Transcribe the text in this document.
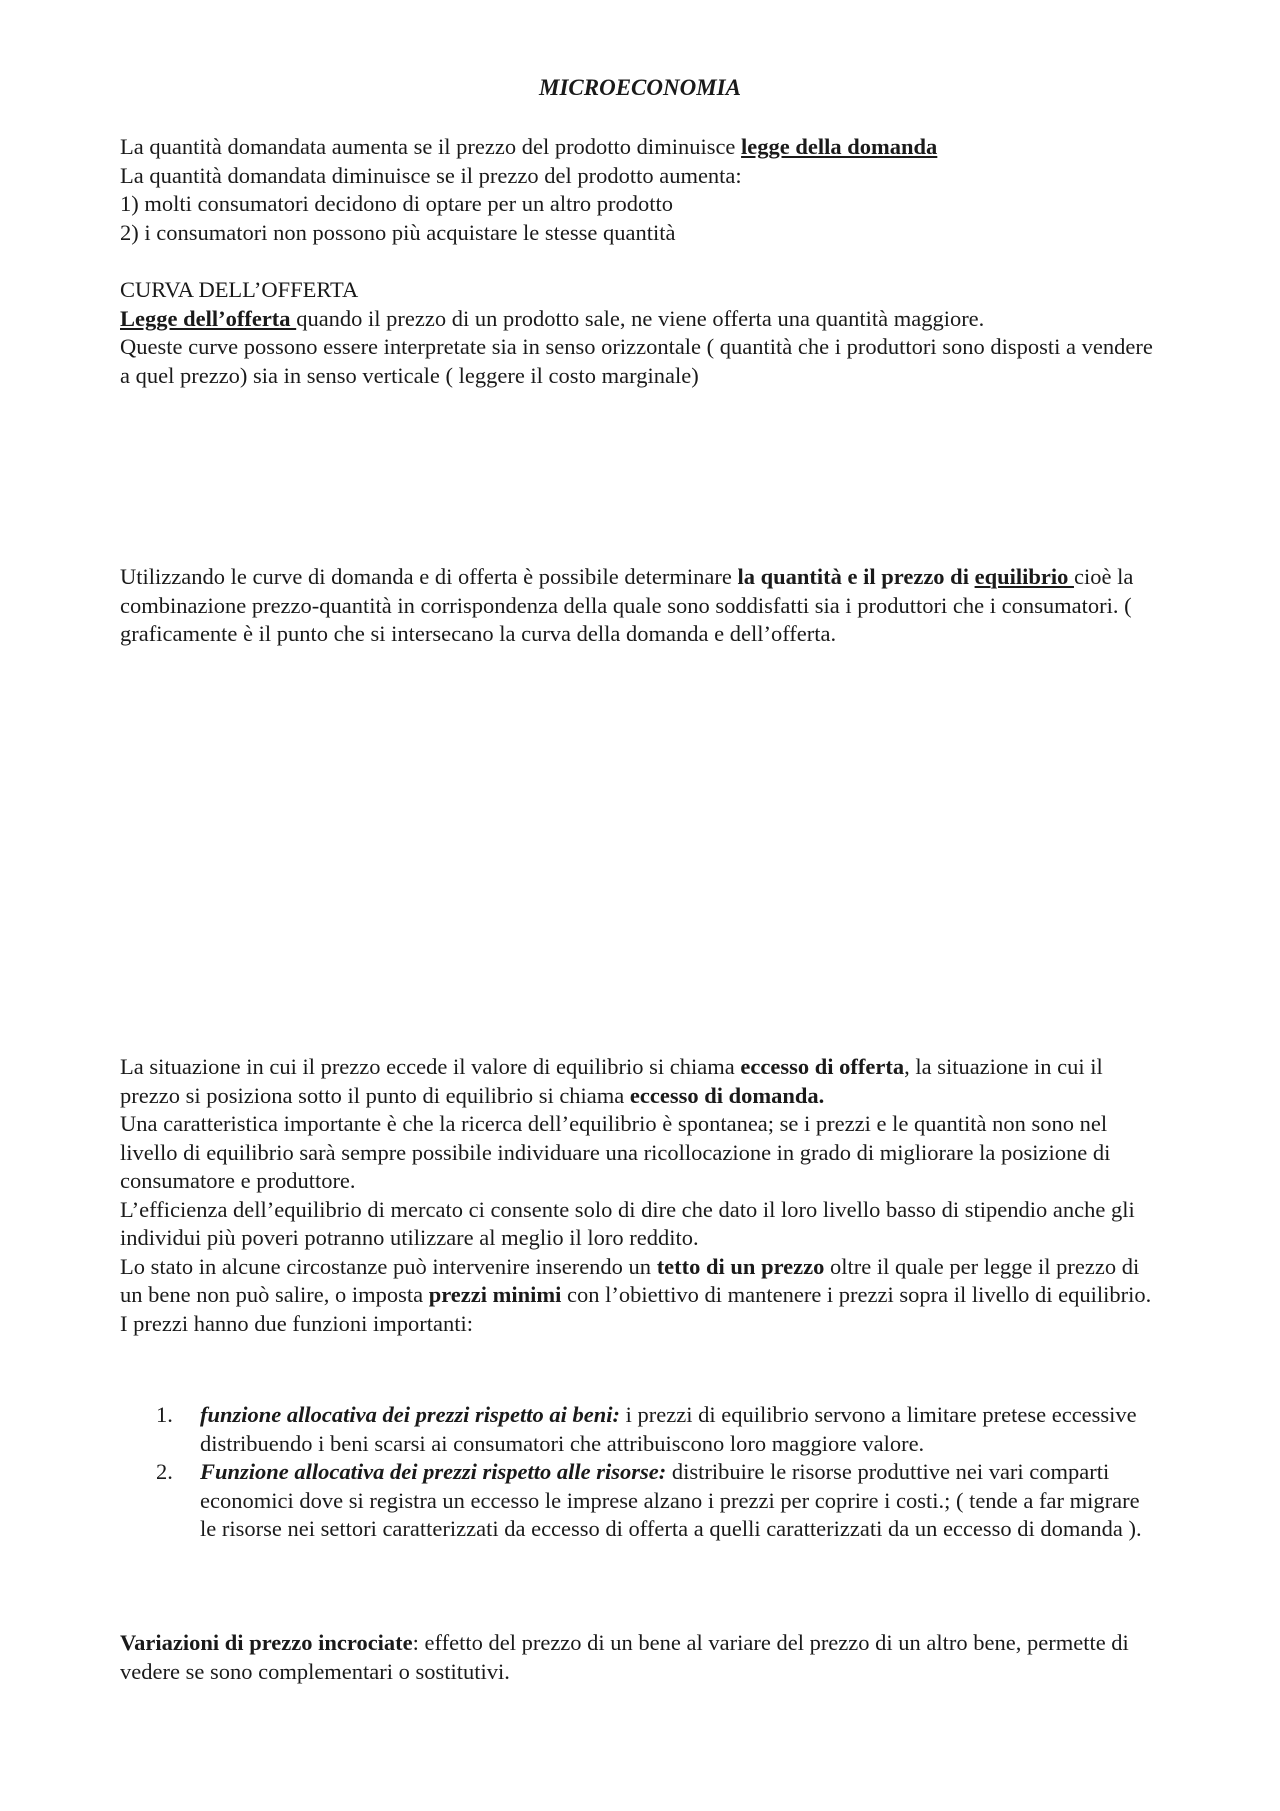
MICROECONOMIA

La quantità domandata aumenta se il prezzo del prodotto diminuisce legge della domanda

La quantità domandata diminuisce se il prezzo del prodotto aumenta:

1) molti consumatori decidono di optare per un altro prodotto

2) i consumatori non possono più acquistare le stesse quantità

CURVA DELL’OFFERTA

Legge dell’offerta quando il prezzo di un prodotto sale, ne viene offerta una quantità maggiore.
Queste curve possono essere interpretate sia in senso orizzontale ( quantità che i produttori sono disposti a vendere a quel prezzo) sia in senso verticale ( leggere il costo marginale)

Utilizzando le curve di domanda e di offerta è possibile determinare la quantità e il prezzo di equilibrio cioè la combinazione prezzo-quantità in corrispondenza della quale sono soddisfatti sia i produttori che i consumatori. ( graficamente è il punto che si intersecano la curva della domanda e dell’offerta.

La situazione in cui il prezzo eccede il valore di equilibrio si chiama eccesso di offerta, la situazione in cui il prezzo si posiziona sotto il punto di equilibrio si chiama eccesso di domanda.

Una caratteristica importante è che la ricerca dell’equilibrio è spontanea; se i prezzi e le quantità non sono nel livello di equilibrio sarà sempre possibile individuare una ricollocazione in grado di migliorare la posizione di consumatore e produttore.

L’efficienza dell’equilibrio di mercato ci consente solo di dire che dato il loro livello basso di stipendio anche gli individui più poveri potranno utilizzare al meglio il loro reddito.

Lo stato in alcune circostanze può intervenire inserendo un tetto di un prezzo oltre il quale per legge il prezzo di un bene non può salire, o imposta prezzi minimi con l’obiettivo di mantenere i prezzi sopra il livello di equilibrio.

I prezzi hanno due funzioni importanti:

1. funzione allocativa dei prezzi rispetto ai beni: i prezzi di equilibrio servono a limitare pretese eccessive distribuendo i beni scarsi ai consumatori che attribuiscono loro maggiore valore.
2. Funzione allocativa dei prezzi rispetto alle risorse: distribuire le risorse produttive nei vari comparti economici dove si registra un eccesso le imprese alzano i prezzi per coprire i costi.; ( tende a far migrare le risorse nei settori caratterizzati da eccesso di offerta a quelli caratterizzati da un eccesso di domanda ).

Variazioni di prezzo incrociate: effetto del prezzo di un bene al variare del prezzo di un altro bene, permette di vedere se sono complementari o sostitutivi.
